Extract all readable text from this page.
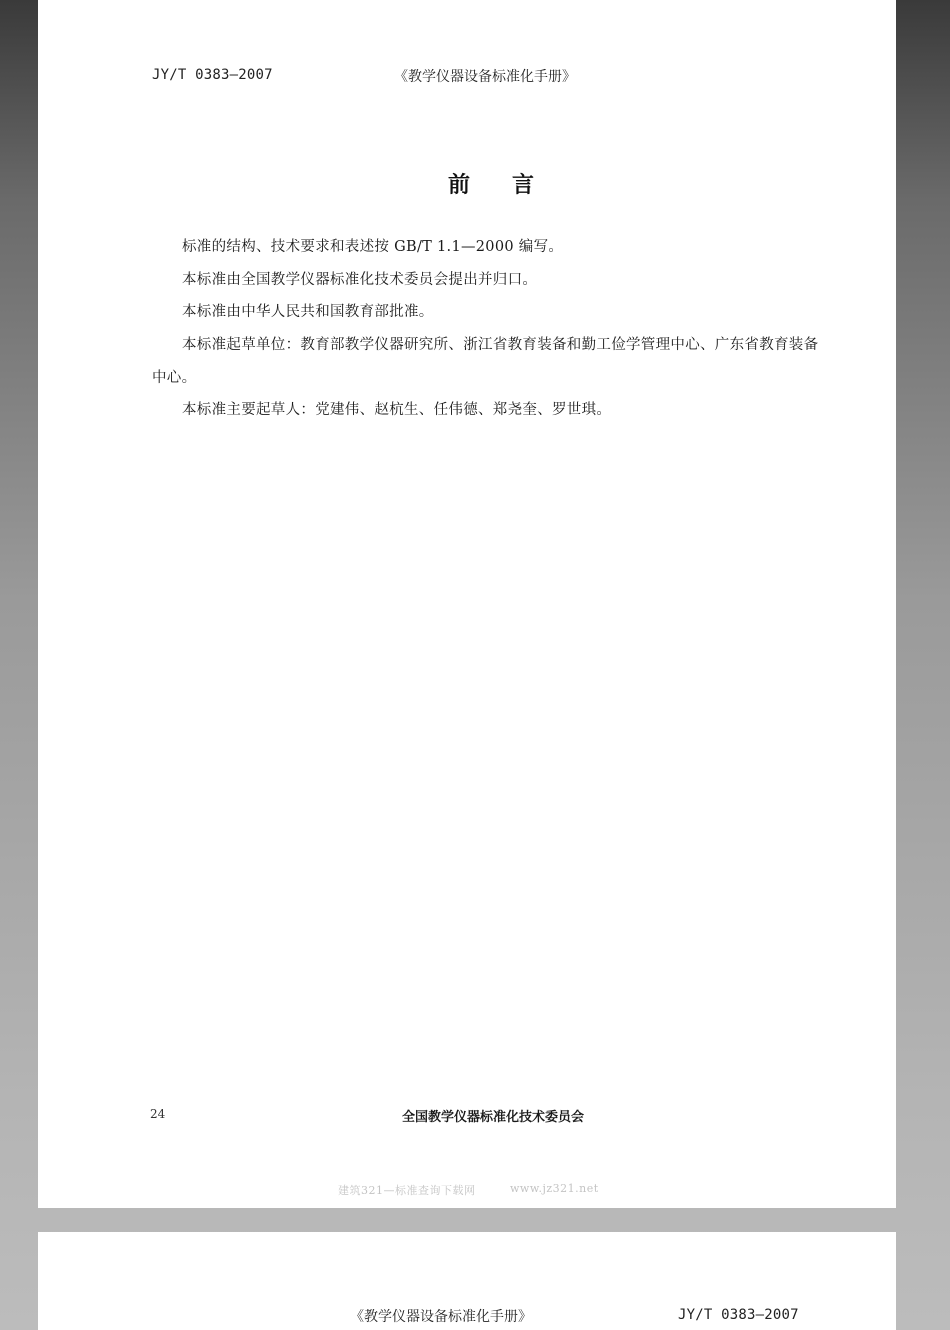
JY/T 0383—2007	《教学仪器设备标准化手册》
前言
标准的结构、技术要求和表述按 GB/T 1.1—2000 编写。
本标准由全国教学仪器标准化技术委员会提出并归口。
本标准由中华人民共和国教育部批准。
本标准起草单位：教育部教学仪器研究所、浙江省教育装备和勤工俭学管理中心、广东省教育装备
中心。
本标准主要起草人：党建伟、赵杭生、任伟德、郑尧奎、罗世琪。
24	全国教学仪器标准化技术委员会
建筑321—标准查询下载网	www.jz321.net
《教学仪器设备标准化手册》	JY/T 0383—2007
